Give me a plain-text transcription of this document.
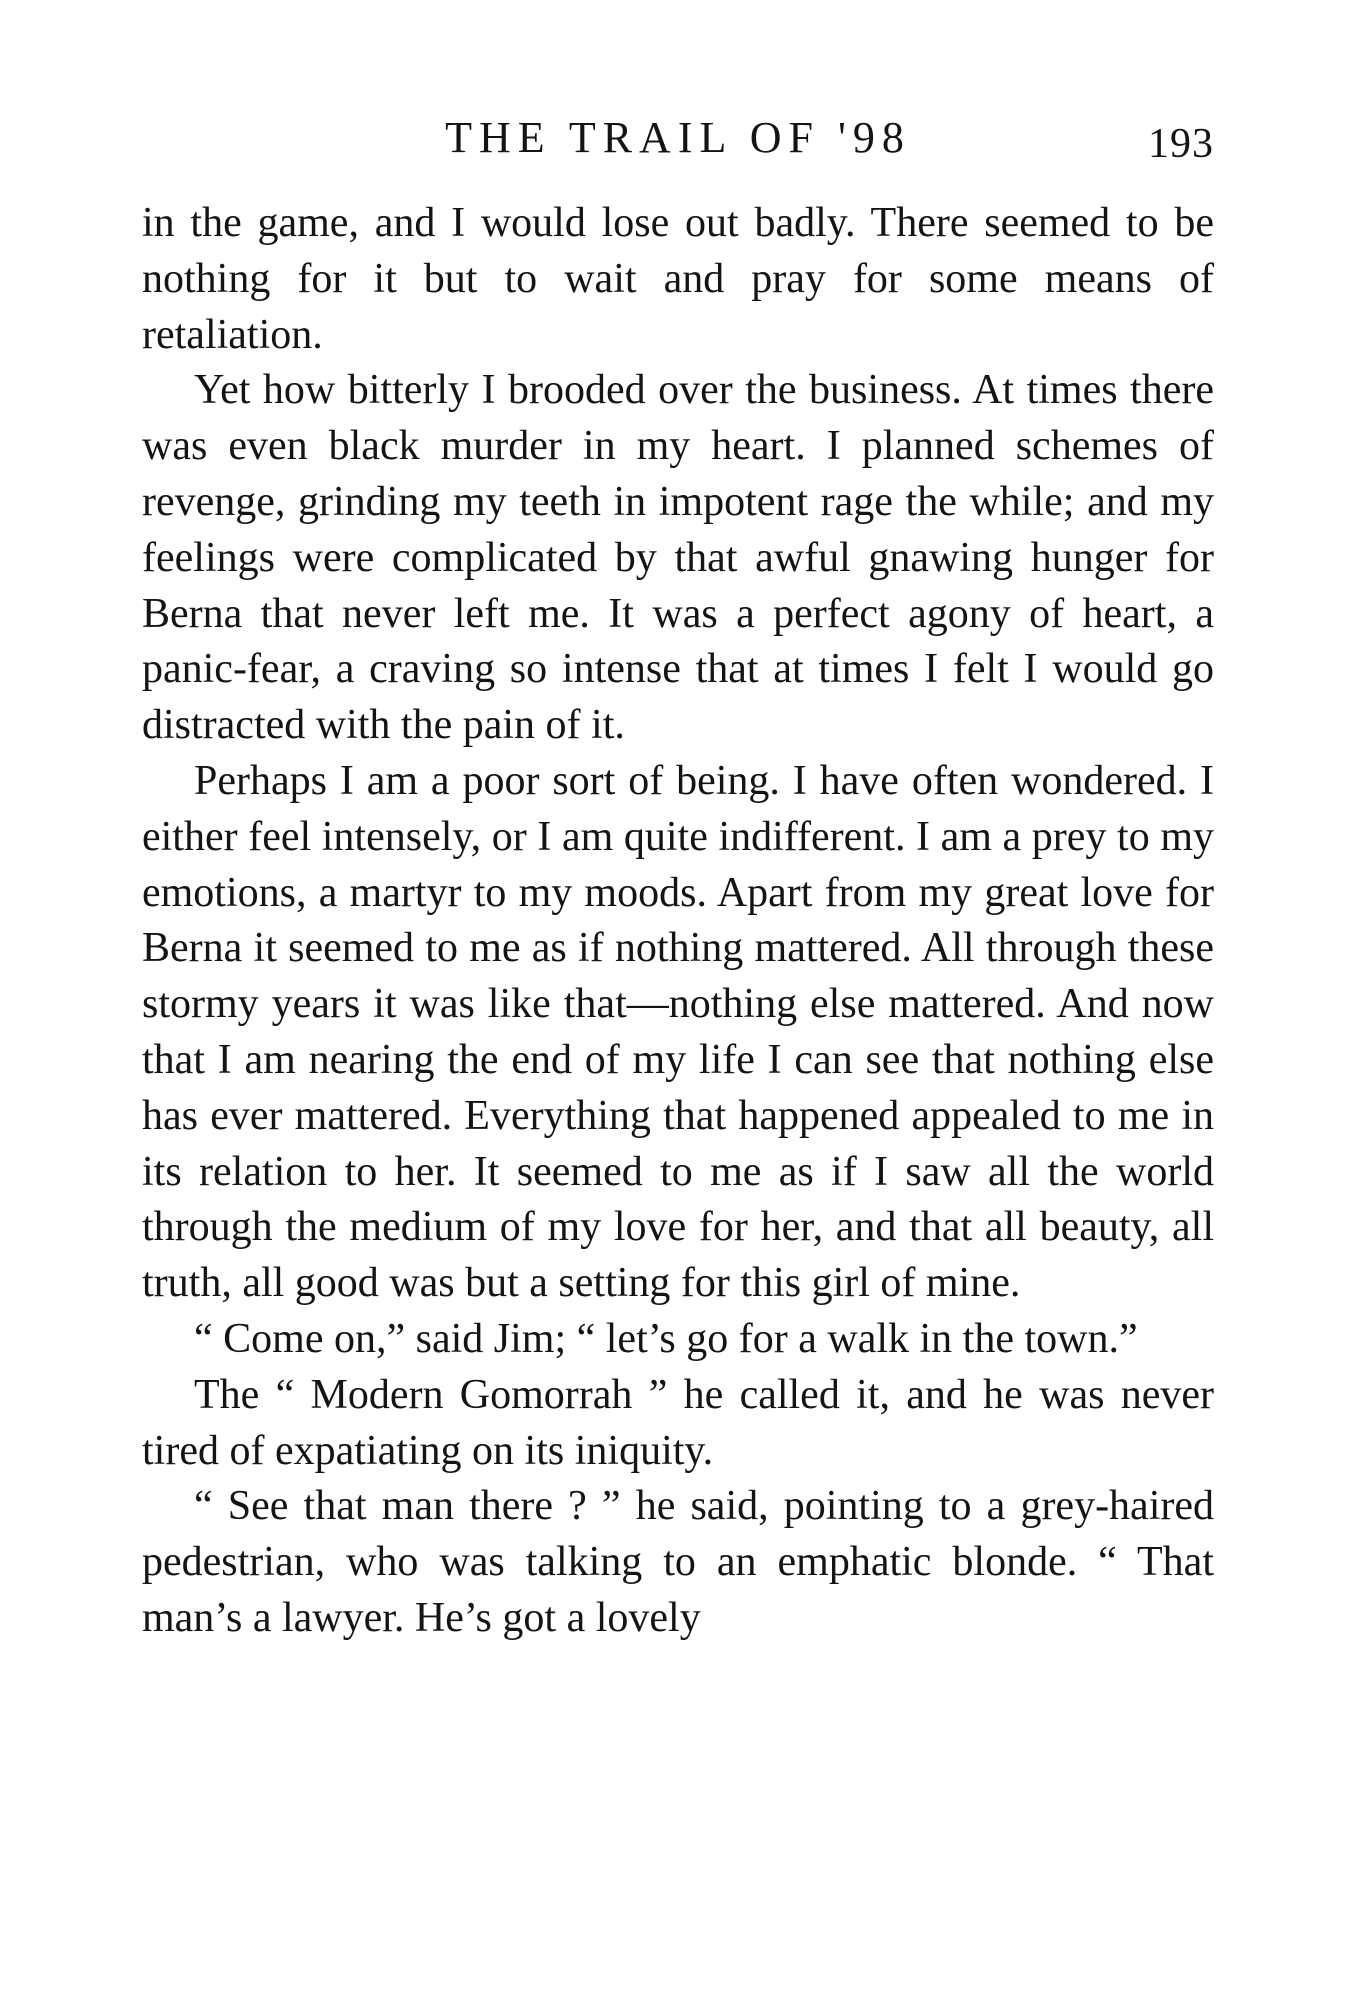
THE TRAIL OF '98	193

in the game, and I would lose out badly. There seemed to be nothing for it but to wait and pray for some means of retaliation.

Yet how bitterly I brooded over the business. At times there was even black murder in my heart. I planned schemes of revenge, grinding my teeth in impotent rage the while; and my feelings were complicated by that awful gnawing hunger for Berna that never left me. It was a perfect agony of heart, a panic-fear, a craving so intense that at times I felt I would go distracted with the pain of it.

Perhaps I am a poor sort of being. I have often wondered. I either feel intensely, or I am quite indifferent. I am a prey to my emotions, a martyr to my moods. Apart from my great love for Berna it seemed to me as if nothing mattered. All through these stormy years it was like that—nothing else mattered. And now that I am nearing the end of my life I can see that nothing else has ever mattered. Everything that happened appealed to me in its relation to her. It seemed to me as if I saw all the world through the medium of my love for her, and that all beauty, all truth, all good was but a setting for this girl of mine.

“ Come on,” said Jim; “ let’s go for a walk in the town.”

The “ Modern Gomorrah ” he called it, and he was never tired of expatiating on its iniquity.

“ See that man there ? ” he said, pointing to a grey-haired pedestrian, who was talking to an emphatic blonde. “ That man’s a lawyer. He’s got a lovely
